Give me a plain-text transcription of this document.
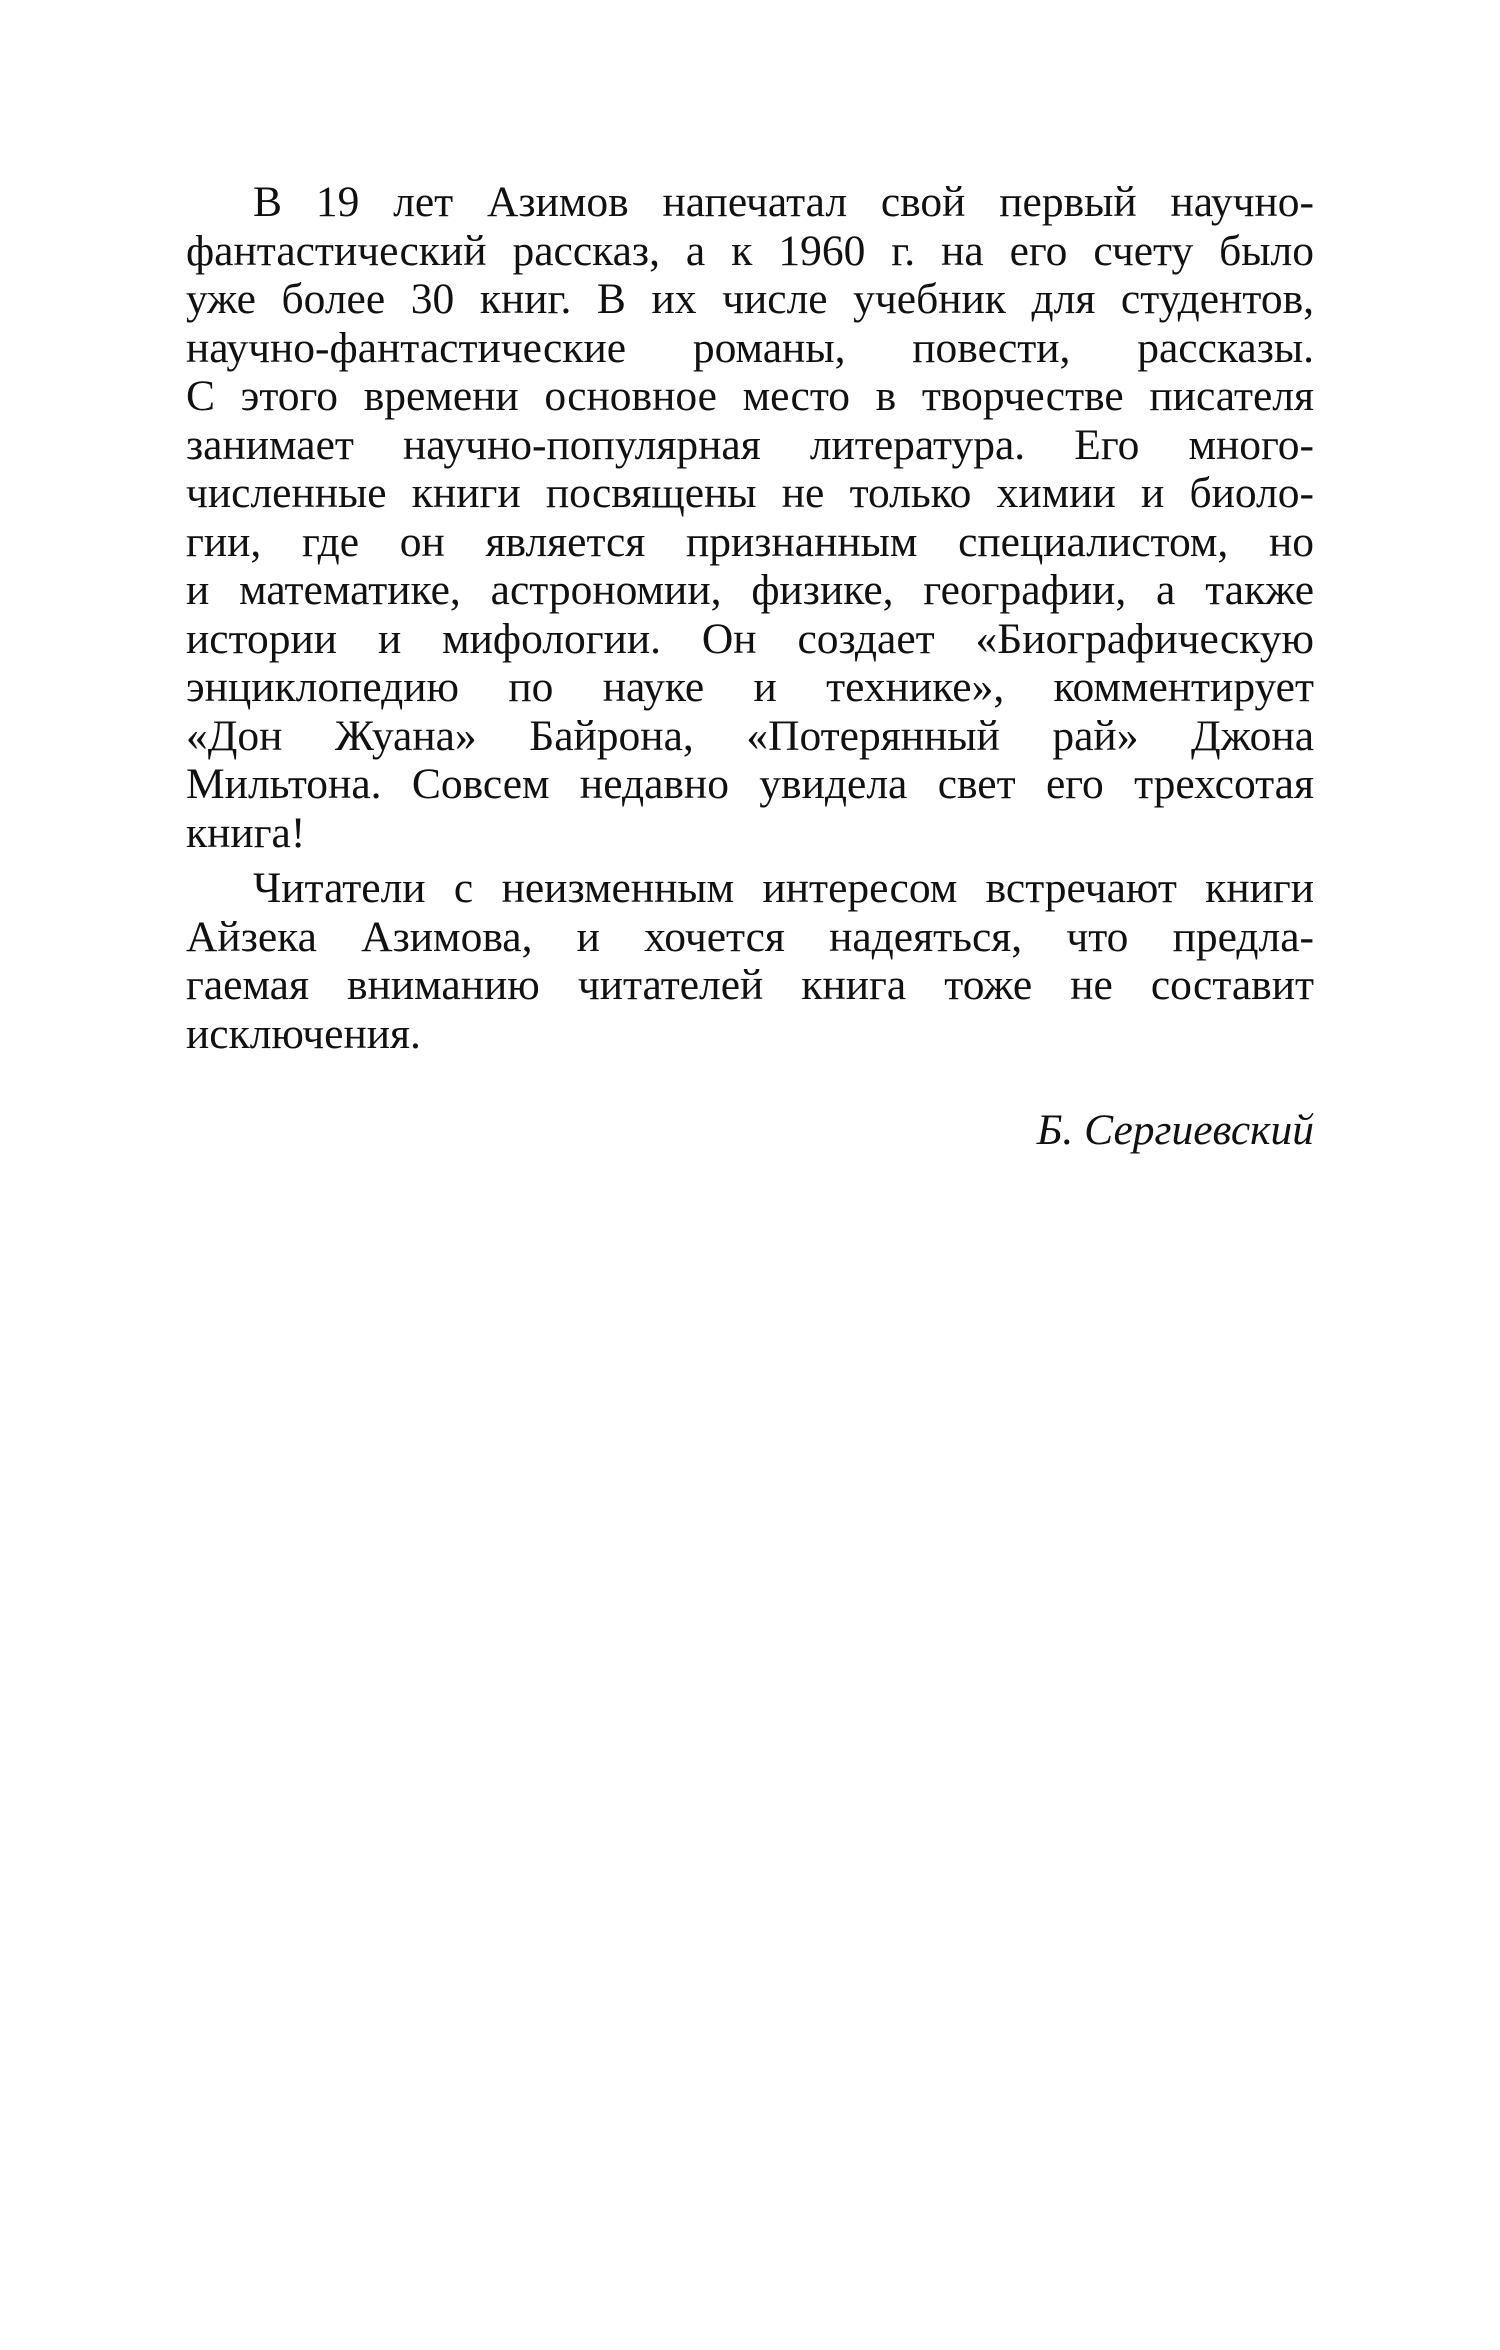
В 19 лет Азимов напечатал свой первый научно-
фантастический рассказ, а к 1960 г. на его счету было
уже более 30 книг. В их числе учебник для студентов,
научно-фантастические романы, повести, рассказы.
С этого времени основное место в творчестве писателя
занимает научно-популярная литература. Его много-
численные книги посвящены не только химии и биоло-
гии, где он является признанным специалистом, но
и математике, астрономии, физике, географии, а также
истории и мифологии. Он создает «Биографическую
энциклопедию по науке и технике», комментирует
«Дон Жуана» Байрона, «Потерянный рай» Джона
Мильтона. Совсем недавно увидела свет его трехсотая
книга!
Читатели с неизменным интересом встречают книги
Айзека Азимова, и хочется надеяться, что предла-
гаемая вниманию читателей книга тоже не составит
исключения.
Б. Сергиевский
